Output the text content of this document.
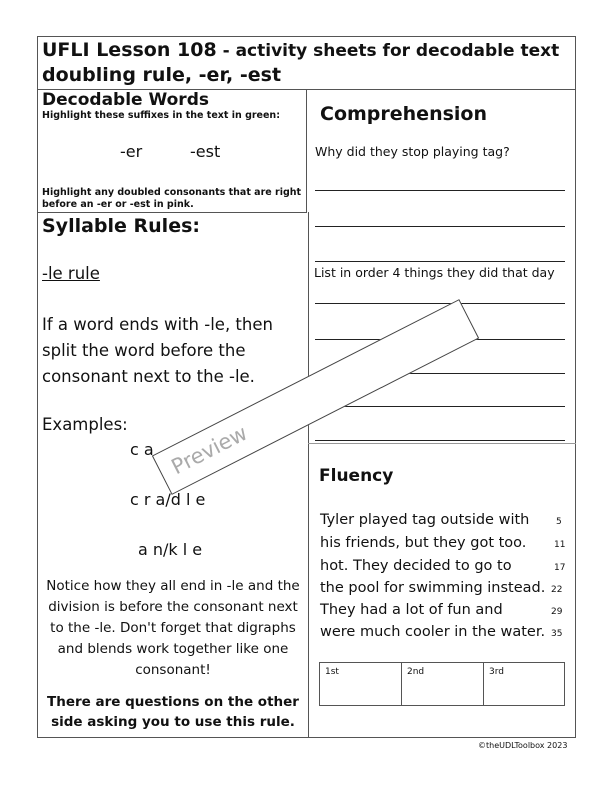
UFLI Lesson 108 - activity sheets for decodable text
doubling rule, -er, -est
Decodable Words
Highlight these suffixes in the text in green:
-er	-est
Highlight any doubled consonants that are right before an -er or -est in pink.
Syllable Rules:
-le rule
If a word ends with -le, then
split the word before the
consonant next to the -le.
Examples:
c a
c r a/d l e
a n/k l e
Notice how they all end in -le and the division is before the consonant next to the -le. Don't forget that digraphs and blends work together like one consonant!
There are questions on the other side asking you to use this rule.
Comprehension
Why did they stop playing tag?
List in order 4 things they did that day
Fluency
Tyler played tag outside with	5
his friends, but they got too.	11
hot. They decided to go to	17
the pool for swimming instead. 22
They had a lot of fun and	29
were much cooler in the water. 35
1st	2nd	3rd
Preview
©theUDLToolbox 2023
